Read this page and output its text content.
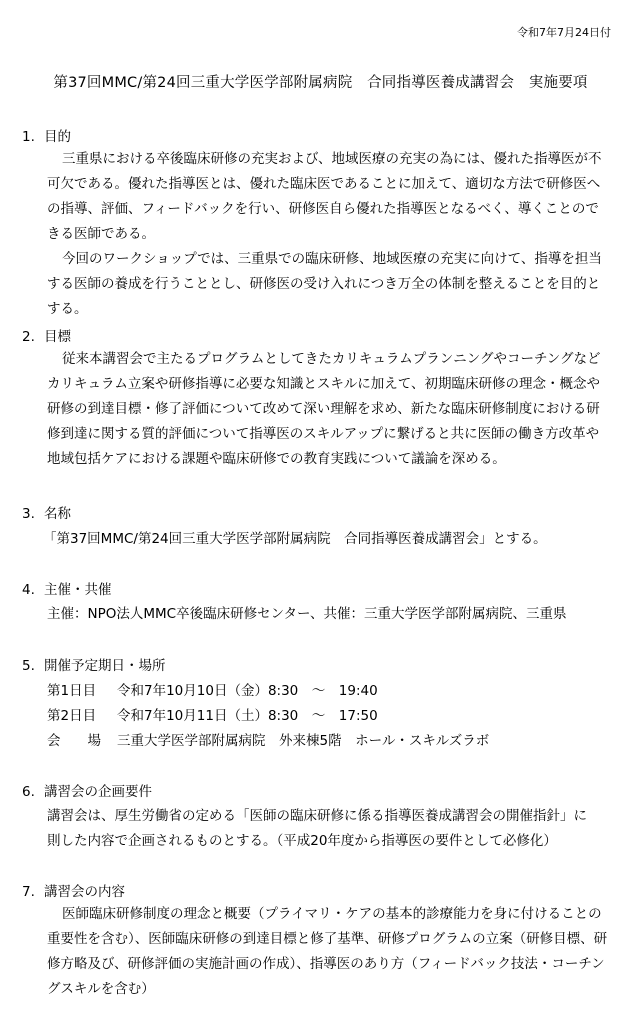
令和7年7月24日付
第37回MMC/第24回三重大学医学部附属病院　合同指導医養成講習会　実施要項
1. 目的
三重県における卒後臨床研修の充実および、地域医療の充実の為には、優れた指導医が不可欠である。優れた指導医とは、優れた臨床医であることに加えて、適切な方法で研修医への指導、評価、フィードバックを行い、研修医自ら優れた指導医となるべく、導くことのできる医師である。
今回のワークショップでは、三重県での臨床研修、地域医療の充実に向けて、指導を担当する医師の養成を行うこととし、研修医の受け入れにつき万全の体制を整えることを目的とする。
2. 目標
従来本講習会で主たるプログラムとしてきたカリキュラムプランニングやコーチングなどカリキュラム立案や研修指導に必要な知識とスキルに加えて、初期臨床研修の理念・概念や研修の到達目標・修了評価について改めて深い理解を求め、新たな臨床研修制度における研修到達に関する質的評価について指導医のスキルアップに繋げると共に医師の働き方改革や地域包括ケアにおける課題や臨床研修での教育実践について議論を深める。
3. 名称
「第37回MMC/第24回三重大学医学部附属病院　合同指導医養成講習会」とする。
4. 主催・共催
主催：NPO法人MMC卒後臨床研修センター、共催：三重大学医学部附属病院、三重県
5. 開催予定期日・場所
第1日目 令和7年10月10日（金）8:30　～　19:40
第2日目 令和7年10月11日（土）8:30　～　17:50
会　　場 三重大学医学部附属病院　外来棟5階　ホール・スキルズラボ
6. 講習会の企画要件
講習会は、厚生労働省の定める「医師の臨床研修に係る指導医養成講習会の開催指針」に
則した内容で企画されるものとする。（平成20年度から指導医の要件として必修化）
7. 講習会の内容
医師臨床研修制度の理念と概要（プライマリ・ケアの基本的診療能力を身に付けることの重要性を含む）、医師臨床研修の到達目標と修了基準、研修プログラムの立案（研修目標、研修方略及び、研修評価の実施計画の作成）、指導医のあり方（フィードバック技法・コーチングスキルを含む）
